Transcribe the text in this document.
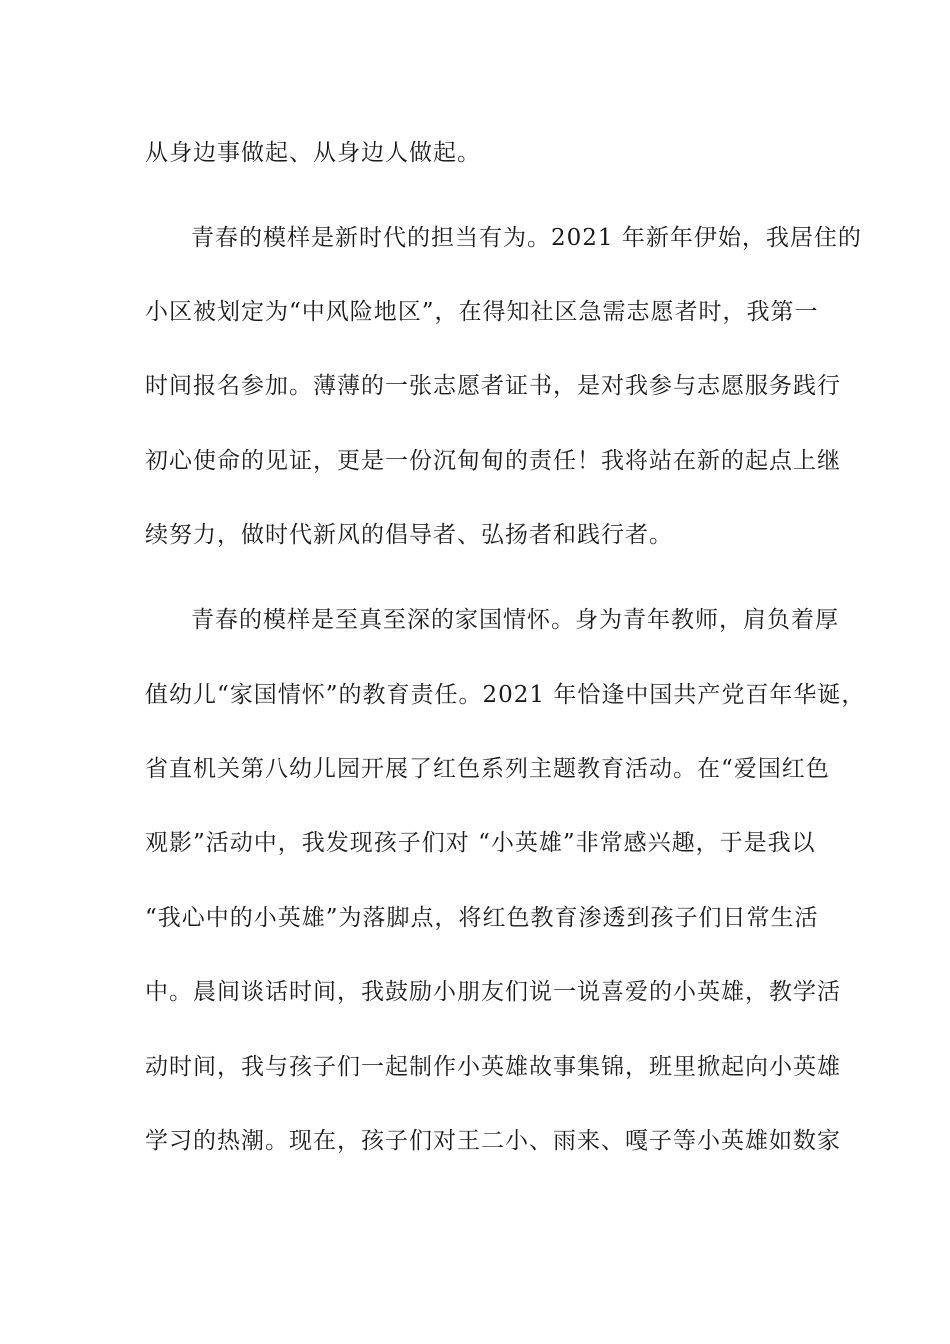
从身边事做起、从身边人做起。
青春的模样是新时代的担当有为。2021 年新年伊始，我居住的
小区被划定为“中风险地区”，在得知社区急需志愿者时，我第一
时间报名参加。薄薄的一张志愿者证书，是对我参与志愿服务践行
初心使命的见证，更是一份沉甸甸的责任！我将站在新的起点上继
续努力，做时代新风的倡导者、弘扬者和践行者。
青春的模样是至真至深的家国情怀。身为青年教师，肩负着厚
值幼儿“家国情怀”的教育责任。2021 年恰逢中国共产党百年华诞，
省直机关第八幼儿园开展了红色系列主题教育活动。在“爱国红色
观影”活动中，我发现孩子们对 “小英雄”非常感兴趣，于是我以
“我心中的小英雄”为落脚点，将红色教育渗透到孩子们日常生活
中。晨间谈话时间，我鼓励小朋友们说一说喜爱的小英雄，教学活
动时间，我与孩子们一起制作小英雄故事集锦，班里掀起向小英雄
学习的热潮。现在，孩子们对王二小、雨来、嘎子等小英雄如数家
